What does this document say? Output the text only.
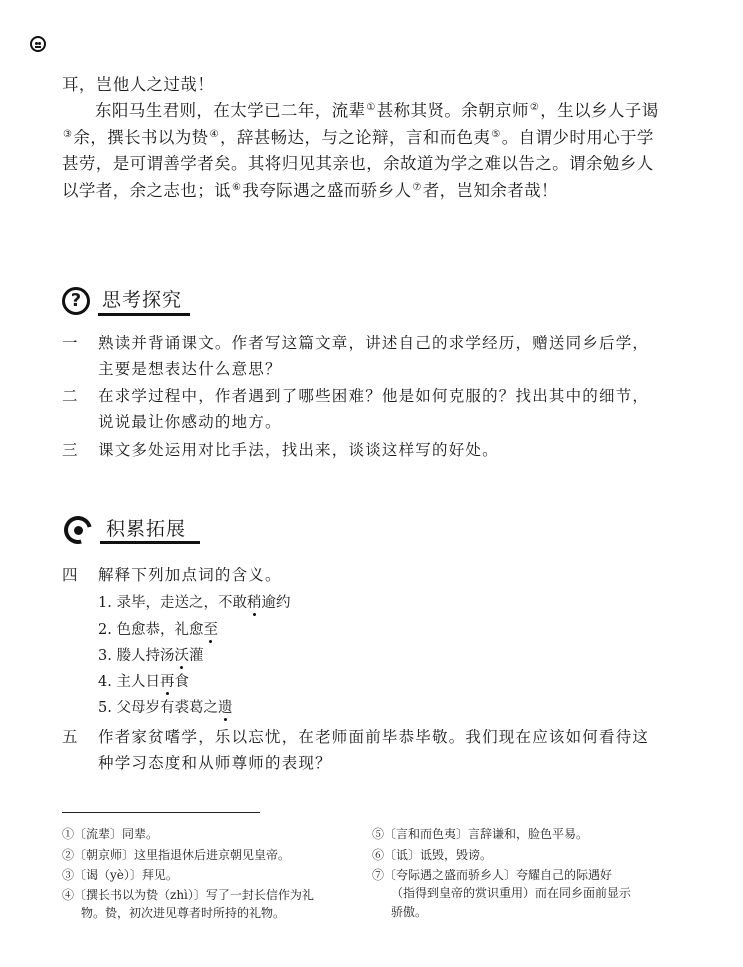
耳，岂他人之过哉！
东阳马生君则，在太学已二年，流辈①甚称其贤。余朝京师②，生以乡人子谒③余，撰长书以为贽④，辞甚畅达，与之论辩，言和而色夷⑤。自谓少时用心于学甚劳，是可谓善学者矣。其将归见其亲也，余故道为学之难以告之。谓余勉乡人以学者，余之志也；诋⑥我夸际遇之盛而骄乡人⑦者，岂知余者哉！
?	思考探究
一 熟读并背诵课文。作者写这篇文章，讲述自己的求学经历，赠送同乡后学，主要是想表达什么意思？
二 在求学过程中，作者遇到了哪些困难？他是如何克服的？找出其中的细节，说说最让你感动的地方。
三 课文多处运用对比手法，找出来，谈谈这样写的好处。
积累拓展
四 解释下列加点词的含义。
1. 录毕，走送之，不敢稍逾约
2. 色愈恭，礼愈至
3. 媵人持汤沃灌
4. 主人日再食
5. 父母岁有裘葛之遗
五 作者家贫嗜学，乐以忘忧，在老师面前毕恭毕敬。我们现在应该如何看待这种学习态度和从师尊师的表现？
①〔流辈〕同辈。
②〔朝京师〕这里指退休后进京朝见皇帝。
③〔谒（yè）〕拜见。
④〔撰长书以为贽（zhì）〕写了一封长信作为礼
物。贽，初次进见尊者时所持的礼物。
⑤〔言和而色夷〕言辞谦和，脸色平易。
⑥〔诋〕诋毁，毁谤。
⑦〔夸际遇之盛而骄乡人〕夸耀自己的际遇好
（指得到皇帝的赏识重用）而在同乡面前显示
骄傲。
